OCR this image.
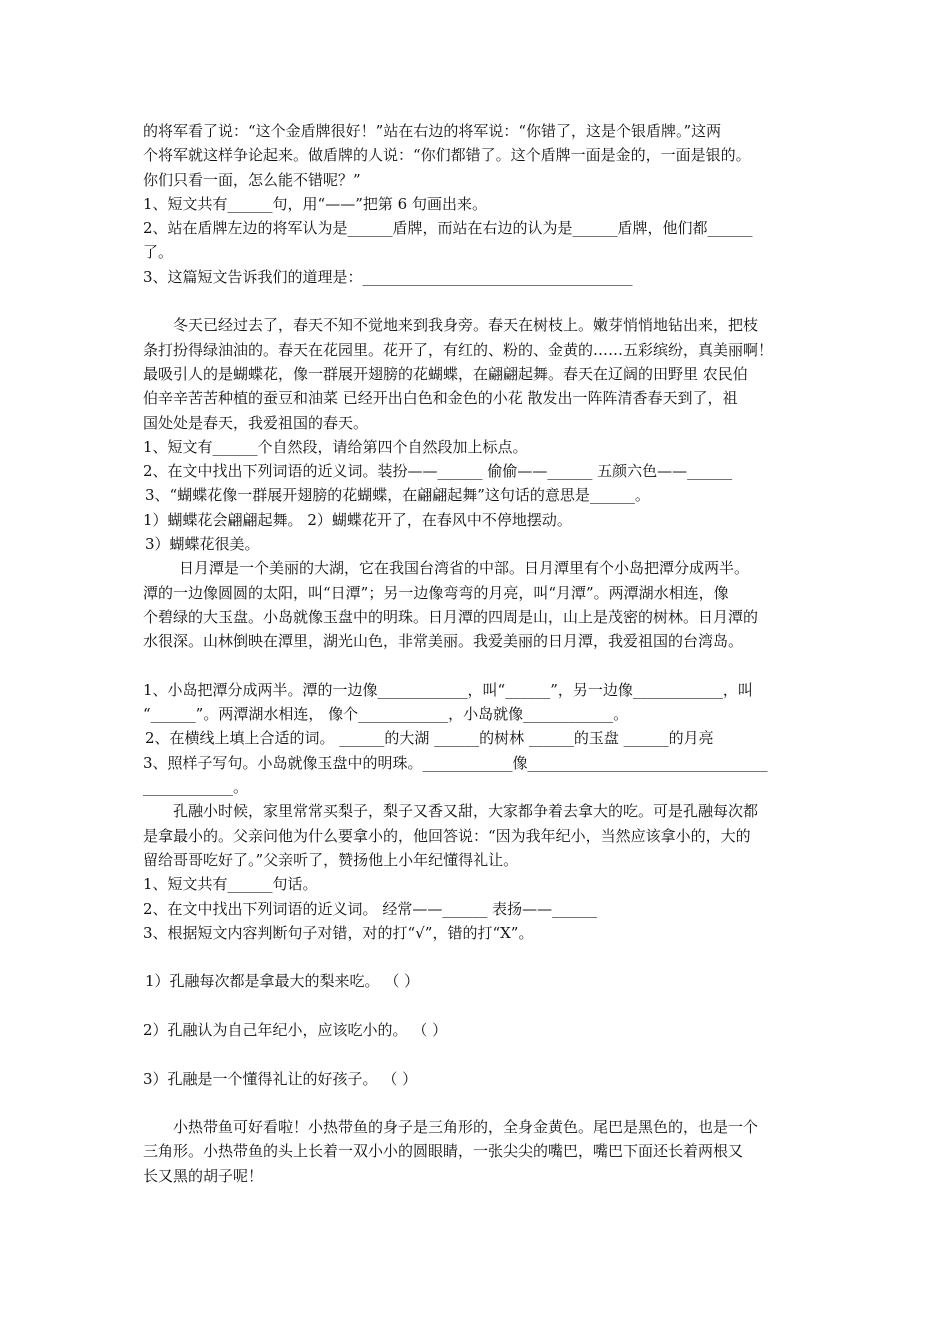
的将军看了说：“这个金盾牌很好！”站在右边的将军说：“你错了，这是个银盾牌。”这两
个将军就这样争论起来。做盾牌的人说：“你们都错了。这个盾牌一面是金的，一面是银的。
你们只看一面，怎么能不错呢？”
1、短文共有______句，用“——”把第 6 句画出来。
2、站在盾牌左边的将军认为是______盾牌，而站在右边的认为是______盾牌，他们都______
了。
3、这篇短文告诉我们的道理是：____________________________________
冬天已经过去了，春天不知不觉地来到我身旁。春天在树枝上。嫩芽悄悄地钻出来，把枝
条打扮得绿油油的。春天在花园里。花开了，有红的、粉的、金黄的……五彩缤纷，真美丽啊！
最吸引人的是蝴蝶花，像一群展开翅膀的花蝴蝶，在翩翩起舞。春天在辽阔的田野里 农民伯
伯辛辛苦苦种植的蚕豆和油菜 已经开出白色和金色的小花 散发出一阵阵清香春天到了，祖
国处处是春天，我爱祖国的春天。
1、短文有______个自然段，请给第四个自然段加上标点。
2、在文中找出下列词语的近义词。装扮——______ 偷偷——______ 五颜六色——______
3、“蝴蝶花像一群展开翅膀的花蝴蝶，在翩翩起舞”这句话的意思是______。
1）蝴蝶花会翩翩起舞。 2）蝴蝶花开了，在春风中不停地摆动。
3）蝴蝶花很美。
日月潭是一个美丽的大湖，它在我国台湾省的中部。日月潭里有个小岛把潭分成两半。
潭的一边像圆圆的太阳，叫“日潭”；另一边像弯弯的月亮，叫“月潭”。两潭湖水相连，像
个碧绿的大玉盘。小岛就像玉盘中的明珠。日月潭的四周是山，山上是茂密的树林。日月潭的
水很深。山林倒映在潭里，湖光山色，非常美丽。我爱美丽的日月潭，我爱祖国的台湾岛。
1、小岛把潭分成两半。潭的一边像____________，叫“______”，另一边像____________，叫
“______”。两潭湖水相连， 像个____________，小岛就像____________。
2、在横线上填上合适的词。 ______的大湖 ______的树林 ______的玉盘 ______的月亮
3、照样子写句。小岛就像玉盘中的明珠。____________像________________________________
____________。
孔融小时候，家里常常买梨子，梨子又香又甜，大家都争着去拿大的吃。可是孔融每次都
是拿最小的。父亲问他为什么要拿小的，他回答说：“因为我年纪小，当然应该拿小的，大的
留给哥哥吃好了。”父亲听了，赞扬他上小年纪懂得礼让。
1、短文共有______句话。
2、在文中找出下列词语的近义词。 经常——______ 表扬——______
3、根据短文内容判断句子对错，对的打“√”，错的打“X”。
1）孔融每次都是拿最大的梨来吃。 （ ）
2）孔融认为自己年纪小，应该吃小的。 （ ）
3）孔融是一个懂得礼让的好孩子。 （ ）
小热带鱼可好看啦！小热带鱼的身子是三角形的，全身金黄色。尾巴是黑色的，也是一个
三角形。小热带鱼的头上长着一双小小的圆眼睛，一张尖尖的嘴巴，嘴巴下面还长着两根又
长又黑的胡子呢！
